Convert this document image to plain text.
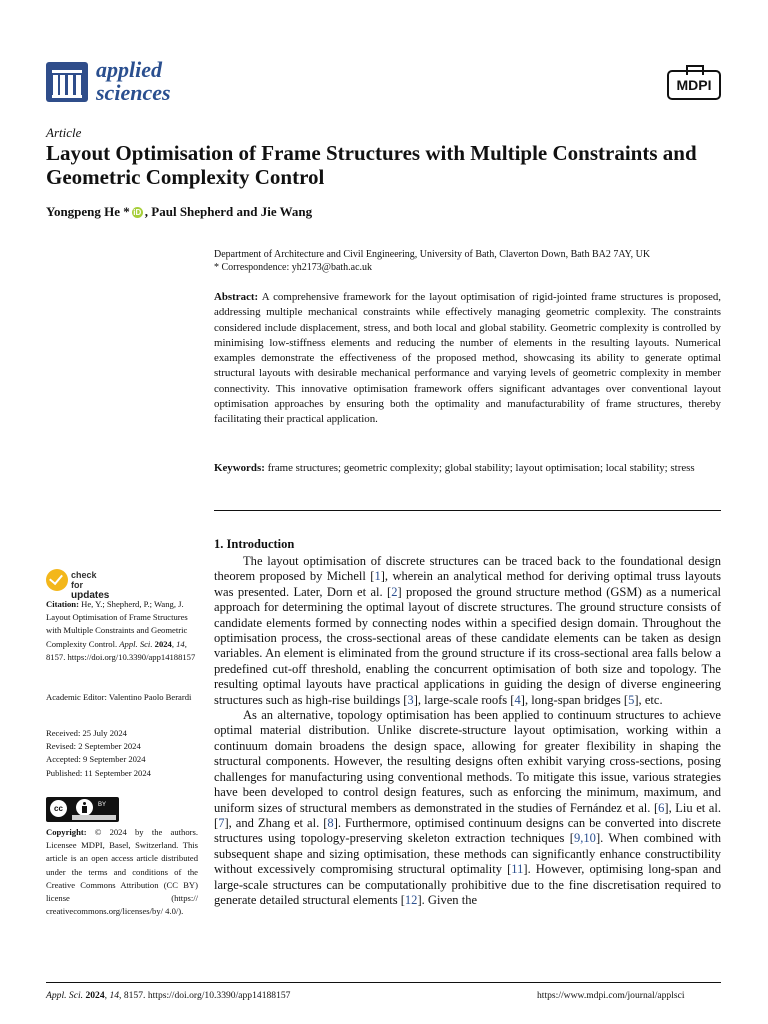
applied
sciences	MDPI
Article
Layout Optimisation of Frame Structures with Multiple Constraints and Geometric Complexity Control
Yongpeng He * iD , Paul Shepherd and Jie Wang
Department of Architecture and Civil Engineering, University of Bath, Claverton Down, Bath BA2 7AY, UK
* Correspondence: yh2173@bath.ac.uk
Abstract: A comprehensive framework for the layout optimisation of rigid-jointed frame structures is proposed, addressing multiple mechanical constraints while effectively managing geometric complexity. The constraints considered include displacement, stress, and both local and global stability. Geometric complexity is controlled by minimising low-stiffness elements and reducing the number of elements in the resulting layouts. Numerical examples demonstrate the effectiveness of the proposed method, showcasing its ability to generate optimal structural layouts with desirable mechanical performance and varying levels of geometric complexity in member connectivity. This innovative optimisation framework offers significant advantages over conventional layout optimisation approaches by ensuring both the optimality and manufacturability of frame structures, thereby facilitating their practical application.
Keywords: frame structures; geometric complexity; global stability; layout optimisation; local stability; stress
check for
updates
Citation: He, Y.; Shepherd, P.; Wang, J. Layout Optimisation of Frame Structures with Multiple Constraints and Geometric Complexity Control. Appl. Sci. 2024, 14, 8157. https://doi.org/10.3390/app14188157
Academic Editor: Valentino Paolo Berardi
Received: 25 July 2024
Revised: 2 September 2024
Accepted: 9 September 2024
Published: 11 September 2024
cc	BY
Copyright: © 2024 by the authors. Licensee MDPI, Basel, Switzerland. This article is an open access article distributed under the terms and conditions of the Creative Commons Attribution (CC BY) license (https:// creativecommons.org/licenses/by/ 4.0/).
1. Introduction

The layout optimisation of discrete structures can be traced back to the foundational design theorem proposed by Michell [1], wherein an analytical method for deriving optimal truss layouts was presented. Later, Dorn et al. [2] proposed the ground structure method (GSM) as a numerical approach for determining the optimal layout of discrete structures. The ground structure consists of candidate elements formed by connecting nodes within a specified design domain. Throughout the optimisation process, the cross-sectional areas of these candidate elements can be taken as design variables. An element is eliminated from the ground structure if its cross-sectional area falls below a predefined cut-off threshold, enabling the concurrent optimisation of both size and topology. The resulting optimal layouts have practical applications in guiding the design of diverse engineering structures such as high-rise buildings [3], large-scale roofs [4], long-span bridges [5], etc.

As an alternative, topology optimisation has been applied to continuum structures to achieve optimal material distribution. Unlike discrete-structure layout optimisation, working within a continuum domain broadens the design space, allowing for greater flexibility in shaping the structural components. However, the resulting designs often exhibit varying cross-sections, posing challenges for manufacturing using conventional methods. To mitigate this issue, various strategies have been developed to control design features, such as enforcing the minimum, maximum, and uniform sizes of structural members as demonstrated in the studies of Fernández et al. [6], Liu et al. [7], and Zhang et al. [8]. Furthermore, optimised continuum designs can be converted into discrete structures using topology-preserving skeleton extraction techniques [9,10]. When combined with subsequent shape and sizing optimisation, these methods can significantly enhance constructibility without excessively compromising structural optimality [11]. However, optimising long-span and large-scale structures can be computationally prohibitive due to the fine discretisation required to generate detailed structural elements [12]. Given the

Appl. Sci. 2024, 14, 8157. https://doi.org/10.3390/app14188157	https://www.mdpi.com/journal/applsci
